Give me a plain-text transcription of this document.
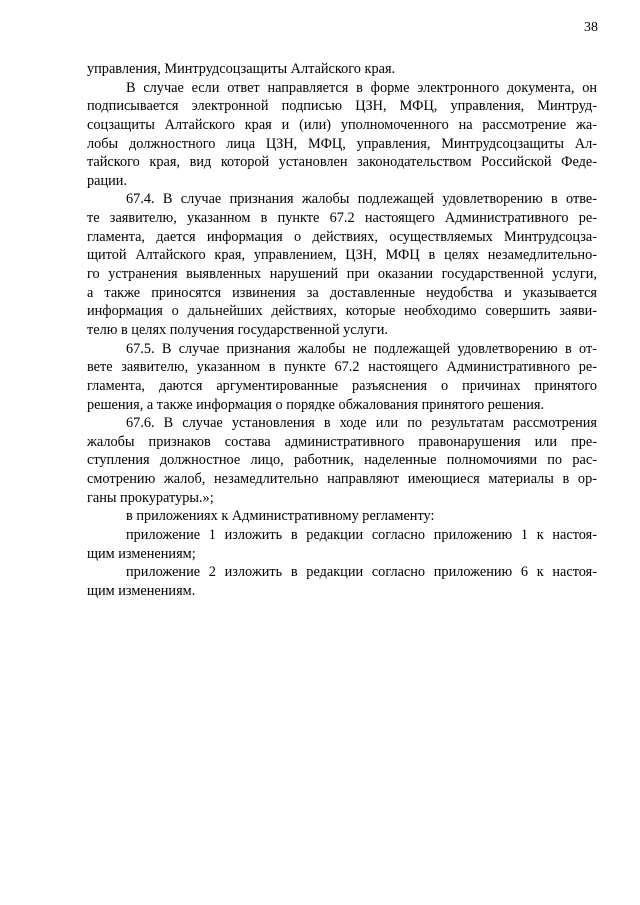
38
управления, Минтрудсоцзащиты Алтайского края.
В случае если ответ направляется в форме электронного документа, он
подписывается электронной подписью ЦЗН, МФЦ, управления, Минтруд-
соцзащиты Алтайского края и (или) уполномоченного на рассмотрение жа-
лобы должностного лица ЦЗН, МФЦ, управления, Минтрудсоцзащиты Ал-
тайского края, вид которой установлен законодательством Российской Феде-
рации.
67.4. В случае признания жалобы подлежащей удовлетворению в отве-
те заявителю, указанном в пункте 67.2 настоящего Административного ре-
гламента, дается информация о действиях, осуществляемых Минтрудсоцза-
щитой Алтайского края, управлением, ЦЗН, МФЦ в целях незамедлительно-
го устранения выявленных нарушений при оказании государственной услуги,
а также приносятся извинения за доставленные неудобства и указывается
информация о дальнейших действиях, которые необходимо совершить заяви-
телю в целях получения государственной услуги.
67.5. В случае признания жалобы не подлежащей удовлетворению в от-
вете заявителю, указанном в пункте 67.2 настоящего Административного ре-
гламента, даются аргументированные разъяснения о причинах принятого
решения, а также информация о порядке обжалования принятого решения.
67.6. В случае установления в ходе или по результатам рассмотрения
жалобы признаков состава административного правонарушения или пре-
ступления должностное лицо, работник, наделенные полномочиями по рас-
смотрению жалоб, незамедлительно направляют имеющиеся материалы в ор-
ганы прокуратуры.»;
в приложениях к Административному регламенту:
приложение 1 изложить в редакции согласно приложению 1 к настоя-
щим изменениям;
приложение 2 изложить в редакции согласно приложению 6 к настоя-
щим изменениям.
